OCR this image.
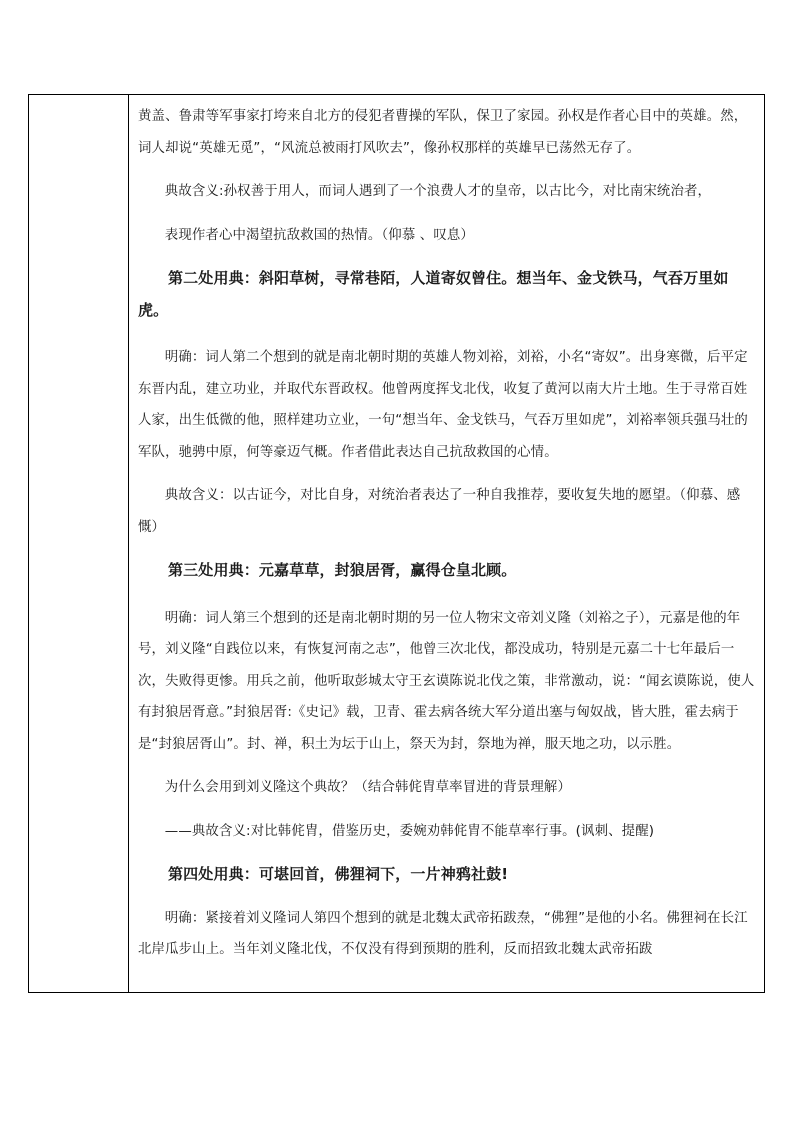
黄盖、鲁肃等军事家打垮来自北方的侵犯者曹操的军队，保卫了家园。孙权是作者心目中的英雄。然，词人却说“英雄无觅”，“风流总被雨打风吹去”，像孙权那样的英雄早已荡然无存了。

典故含义:孙权善于用人，而词人遇到了一个浪费人才的皇帝，以古比今，对比南宋统治者，

表现作者心中渴望抗敌救国的热情。（仰慕 、叹息）

第二处用典：斜阳草树，寻常巷陌，人道寄奴曾住。想当年、金戈铁马，气吞万里如虎。

明确：词人第二个想到的就是南北朝时期的英雄人物刘裕，刘裕，小名“寄奴”。出身寒微，后平定东晋内乱，建立功业，并取代东晋政权。他曾两度挥戈北伐，收复了黄河以南大片土地。生于寻常百姓人家，出生低微的他，照样建功立业，一句“想当年、金戈铁马，气吞万里如虎”，刘裕率领兵强马壮的军队，驰骋中原，何等豪迈气概。作者借此表达自己抗敌救国的心情。

典故含义：以古证今，对比自身，对统治者表达了一种自我推荐，要收复失地的愿望。（仰慕、感慨）

第三处用典：元嘉草草，封狼居胥，赢得仓皇北顾。

明确：词人第三个想到的还是南北朝时期的另一位人物宋文帝刘义隆（刘裕之子），元嘉是他的年号，刘义隆“自践位以来，有恢复河南之志”，他曾三次北伐，都没成功，特别是元嘉二十七年最后一次，失败得更惨。用兵之前，他听取彭城太守王玄谟陈说北伐之策，非常激动，说：“闻玄谟陈说，使人有封狼居胥意。”封狼居胥:《史记》载，卫青、霍去病各统大军分道出塞与匈奴战，皆大胜，霍去病于是“封狼居胥山”。封、禅，积土为坛于山上，祭天为封，祭地为禅，服天地之功，以示胜。

为什么会用到刘义隆这个典故？（结合韩侂胄草率冒进的背景理解）

——典故含义:对比韩侂胄，借鉴历史，委婉劝韩侂胄不能草率行事。(讽刺、提醒)

第四处用典：可堪回首，佛狸祠下，一片神鸦社鼓!

明确：紧接着刘义隆词人第四个想到的就是北魏太武帝拓跋焘，“佛狸”是他的小名。佛狸祠在长江北岸瓜步山上。当年刘义隆北伐，不仅没有得到预期的胜利，反而招致北魏太武帝拓跋
